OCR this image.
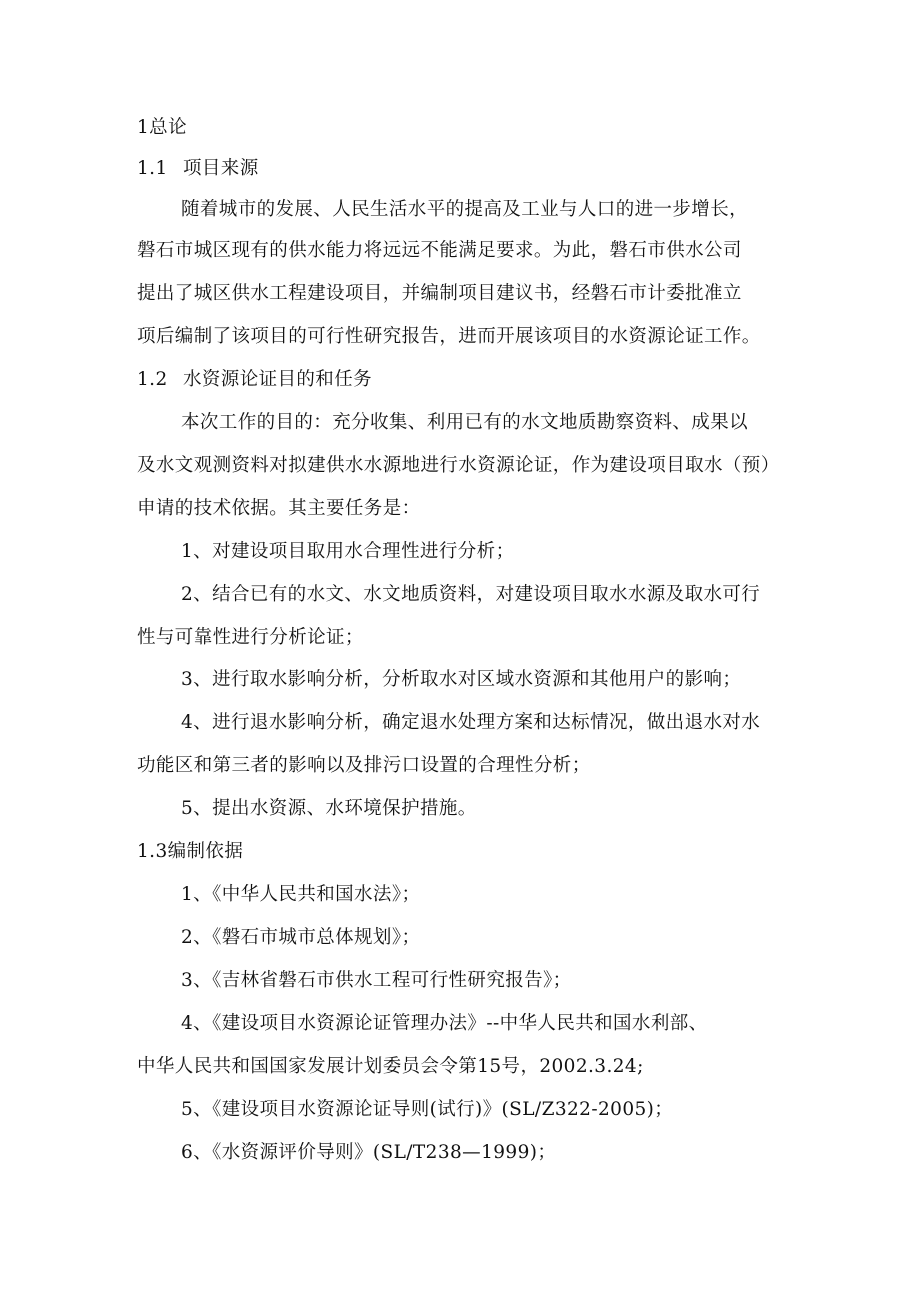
1总论

1.1 项目来源

随着城市的发展、人民生活水平的提高及工业与人口的进一步增长，

磐石市城区现有的供水能力将远远不能满足要求。为此，磐石市供水公司

提出了城区供水工程建设项目，并编制项目建议书，经磐石市计委批准立

项后编制了该项目的可行性研究报告，进而开展该项目的水资源论证工作。

1.2 水资源论证目的和任务

本次工作的目的：充分收集、利用已有的水文地质勘察资料、成果以

及水文观测资料对拟建供水水源地进行水资源论证，作为建设项目取水（预）

申请的技术依据。其主要任务是：

1、对建设项目取用水合理性进行分析；

2、结合已有的水文、水文地质资料，对建设项目取水水源及取水可行

性与可靠性进行分析论证；

3、进行取水影响分析，分析取水对区域水资源和其他用户的影响；

4、进行退水影响分析，确定退水处理方案和达标情况，做出退水对水

功能区和第三者的影响以及排污口设置的合理性分析；

5、提出水资源、水环境保护措施。

1.3编制依据

1、《中华人民共和国水法》；

2、《磐石市城市总体规划》；

3、《吉林省磐石市供水工程可行性研究报告》；

4、《建设项目水资源论证管理办法》--中华人民共和国水利部、

中华人民共和国国家发展计划委员会令第15号，2002.3.24;

5、《建设项目水资源论证导则(试行)》(SL/Z322-2005)；

6、《水资源评价导则》(SL/T238—1999)；
